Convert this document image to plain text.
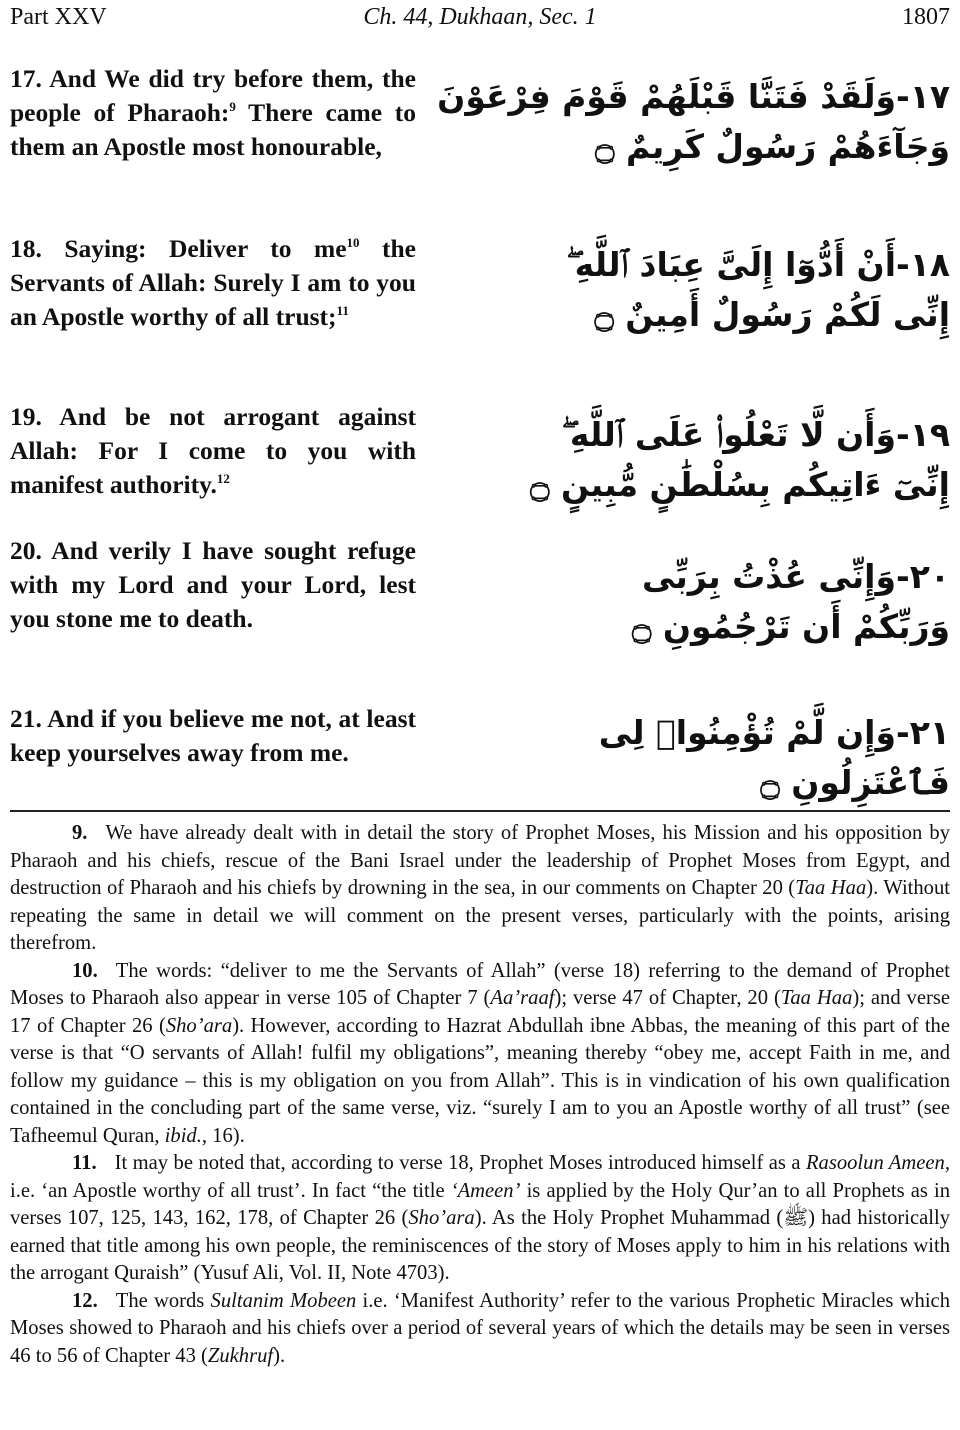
Part XXV	Ch. 44, Dukhaan, Sec. 1	1807
17. And We did try before them, the people of Pharaoh:$^9$ There came to them an Apostle most honourable,
١٧-وَلَقَدْ فَتَنَّا قَبْلَهُمْ قَوْمَ فِرْعَوْنَ
وَجَآءَهُمْ رَسُولٌ كَرِيمٌ ۝
18. Saying: Deliver to $me^{10}$ the Servants of Allah: Surely I am to you an Apostle worthy of all trust;$^{11}$
١٨-أَنْ أَدُّوٓا إِلَىَّ عِبَادَ ٱللَّهِ ۖ
إِنِّى لَكُمْ رَسُولٌ أَمِينٌ ۝
19. And be not arrogant against Allah: For I come to you with manifest authority.$^{12}$
١٩-وَأَن لَّا تَعْلُوا۟ عَلَى ٱللَّهِ ۖ
إِنِّىٓ ءَاتِيكُم بِسُلْطَٰنٍ مُّبِينٍ ۝
20. And verily I have sought refuge with my Lord and your Lord, lest you stone me to death.
٢٠-وَإِنِّى عُذْتُ بِرَبِّى
وَرَبِّكُمْ أَن تَرْجُمُونِ ۝
21. And if you believe me not, at least keep yourselves away from me.
٢١-وَإِن لَّمْ تُؤْمِنُوا۟ لِى
فَٱعْتَزِلُونِ ۝

9. We have already dealt with in detail the story of Prophet Moses, his Mission and his opposition by Pharaoh and his chiefs, rescue of the Bani Israel under the leadership of Prophet Moses from Egypt, and destruction of Pharaoh and his chiefs by drowning in the sea, in our comments on Chapter 20 (Taa Haa). Without repeating the same in detail we will comment on the present verses, particularly with the points, arising therefrom.

10. The words: “deliver to me the Servants of Allah” (verse 18) referring to the demand of Prophet Moses to Pharaoh also appear in verse 105 of Chapter 7 (Aa’raaf); verse 47 of Chapter, 20 (Taa Haa); and verse 17 of Chapter 26 (Sho’ara). However, according to Hazrat Abdullah ibne Abbas, the meaning of this part of the verse is that “O servants of Allah! fulfil my obligations”, meaning thereby “obey me, accept Faith in me, and follow my guidance – this is my obligation on you from Allah”. This is in vindication of his own qualification contained in the concluding part of the same verse, viz. “surely I am to you an Apostle worthy of all trust” (see Tafheemul Quran, ibid., 16).

11. It may be noted that, according to verse 18, Prophet Moses introduced himself as a Rasoolun Ameen, i.e. ‘an Apostle worthy of all trust’. In fact “the title ‘Ameen’ is applied by the Holy Qur’an to all Prophets as in verses 107, 125, 143, 162, 178, of Chapter 26 (Sho’ara). As the Holy Prophet Muhammad (ﷺ) had historically earned that title among his own people, the reminiscences of the story of Moses apply to him in his relations with the arrogant Quraish” (Yusuf Ali, Vol. II, Note 4703).

12. The words Sultanim Mobeen i.e. ‘Manifest Authority’ refer to the various Prophetic Miracles which Moses showed to Pharaoh and his chiefs over a period of several years of which the details may be seen in verses 46 to 56 of Chapter 43 (Zukhruf).
